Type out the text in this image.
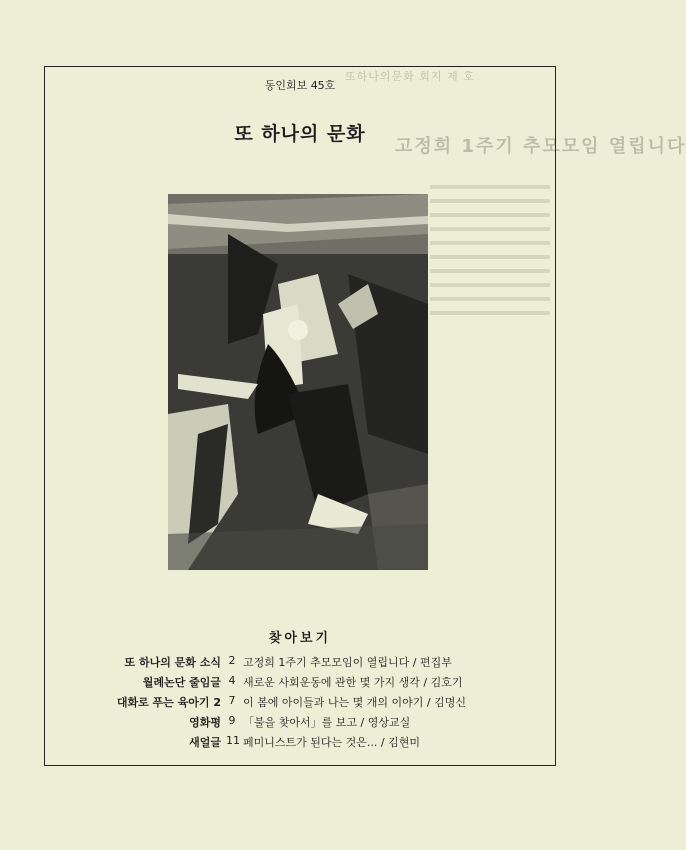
또하나의문화 회지 제 호
고정희 1주기 추모모임 열립니다
동인회보 45호
또 하나의 문화
찾아보기
또 하나의 문화 소식 2 고정희 1주기 추모모임이 열립니다 / 편집부
월례논단 줄임글 4 새로운 사회운동에 관한 몇 가지 생각 / 김호기
대화로 푸는 육아기 2 7 이 봄에 아이들과 나는 몇 개의 이야기 / 김명신
영화평 9 「불을 찾아서」를 보고 / 영상교실
새얼글 11 페미니스트가 된다는 것은... / 김현미
